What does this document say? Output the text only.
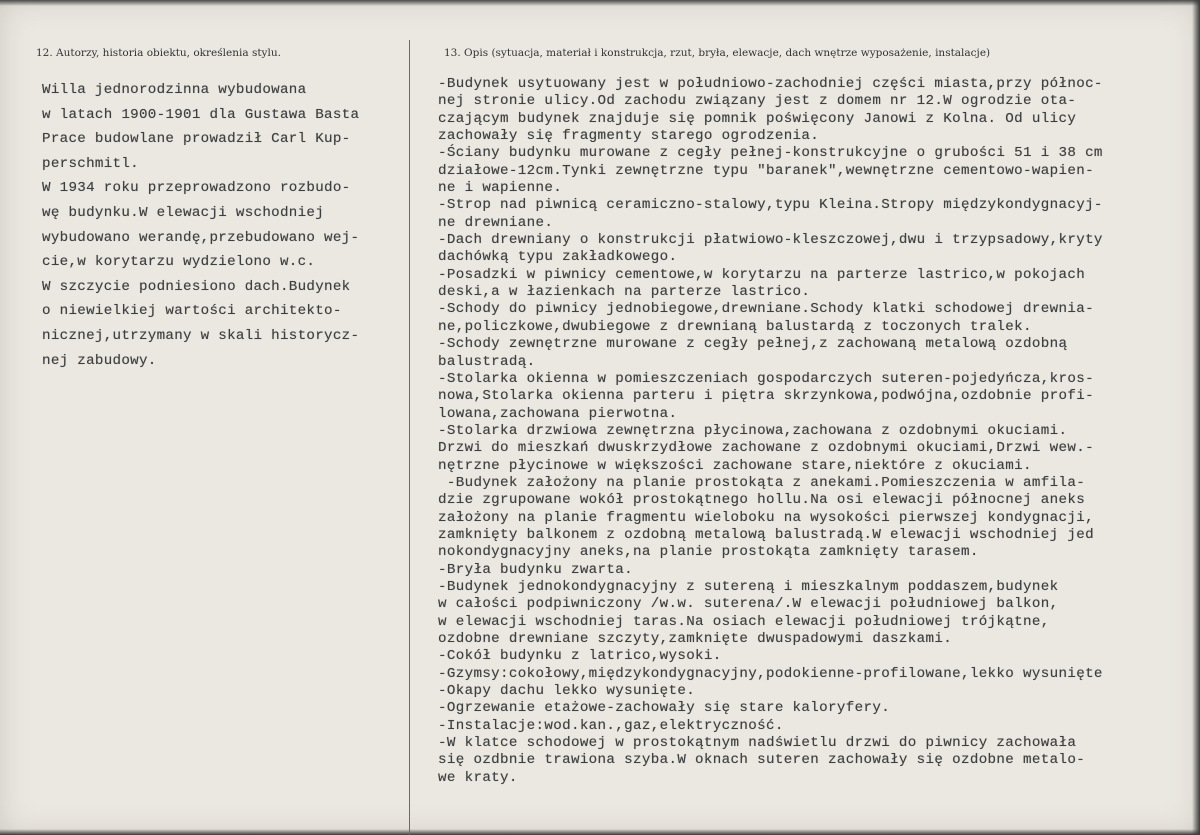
12. Autorzy, historia obiektu, określenia stylu.	13. Opis (sytuacja, materiał i konstrukcja, rzut, bryła, elewacje, dach wnętrze wyposażenie, instalacje)
Willa jednorodzinna wybudowana
w latach 1900-1901 dla Gustawa Basta
Prace budowlane prowadził Carl Kup-
perschmitl.
W 1934 roku przeprowadzono rozbudo-
wę budynku.W elewacji wschodniej
wybudowano werandę,przebudowano wej-
cie,w korytarzu wydzielono w.c.
W szczycie podniesiono dach.Budynek
o niewielkiej wartości architekto-
nicznej,utrzymany w skali historycz-
nej zabudowy.
-Budynek usytuowany jest w południowo-zachodniej części miasta,przy północ-
nej stronie ulicy.Od zachodu związany jest z domem nr 12.W ogrodzie ota-
czającym budynek znajduje się pomnik poświęcony Janowi z Kolna. Od ulicy
zachowały się fragmenty starego ogrodzenia.
-Ściany budynku murowane z cegły pełnej-konstrukcyjne o grubości 51 i 38 cm
działowe-12cm.Tynki zewnętrzne typu "baranek",wewnętrzne cementowo-wapien-
ne i wapienne.
-Strop nad piwnicą ceramiczno-stalowy,typu Kleina.Stropy międzykondygnacyj-
ne drewniane.
-Dach drewniany o konstrukcji płatwiowo-kleszczowej,dwu i trzypsadowy,kryty
dachówką typu zakładkowego.
-Posadzki w piwnicy cementowe,w korytarzu na parterze lastrico,w pokojach
deski,a w łazienkach na parterze lastrico.
-Schody do piwnicy jednobiegowe,drewniane.Schody klatki schodowej drewnia-
ne,policzkowe,dwubiegowe z drewnianą balustardą z toczonych tralek.
-Schody zewnętrzne murowane z cegły pełnej,z zachowaną metalową ozdobną
balustradą.
-Stolarka okienna w pomieszczeniach gospodarczych suteren-pojedyńcza,kros-
nowa,Stolarka okienna parteru i piętra skrzynkowa,podwójna,ozdobnie profi-
lowana,zachowana pierwotna.
-Stolarka drzwiowa zewnętrzna płycinowa,zachowana z ozdobnymi okuciami.
Drzwi do mieszkań dwuskrzydłowe zachowane z ozdobnymi okuciami,Drzwi wew.-
nętrzne płycinowe w większości zachowane stare,niektóre z okuciami.
-Budynek założony na planie prostokąta z anekami.Pomieszczenia w amfila-
dzie zgrupowane wokół prostokątnego hollu.Na osi elewacji północnej aneks
założony na planie fragmentu wieloboku na wysokości pierwszej kondygnacji,
zamknięty balkonem z ozdobną metalową balustradą.W elewacji wschodniej jed
nokondygnacyjny aneks,na planie prostokąta zamknięty tarasem.
-Bryła budynku zwarta.
-Budynek jednokondygnacyjny z sutereną i mieszkalnym poddaszem,budynek
w całości podpiwniczony /w.w. suterena/.W elewacji południowej balkon,
w elewacji wschodniej taras.Na osiach elewacji południowej trójkątne,
ozdobne drewniane szczyty,zamknięte dwuspadowymi daszkami.
-Cokół budynku z latrico,wysoki.
-Gzymsy:cokołowy,międzykondygnacyjny,podokienne-profilowane,lekko wysunięte
-Okapy dachu lekko wysunięte.
-Ogrzewanie etażowe-zachowały się stare kaloryfery.
-Instalacje:wod.kan.,gaz,elektryczność.
-W klatce schodowej w prostokątnym nadświetlu drzwi do piwnicy zachowała
się ozdbnie trawiona szyba.W oknach suteren zachowały się ozdobne metalo-
we kraty.
